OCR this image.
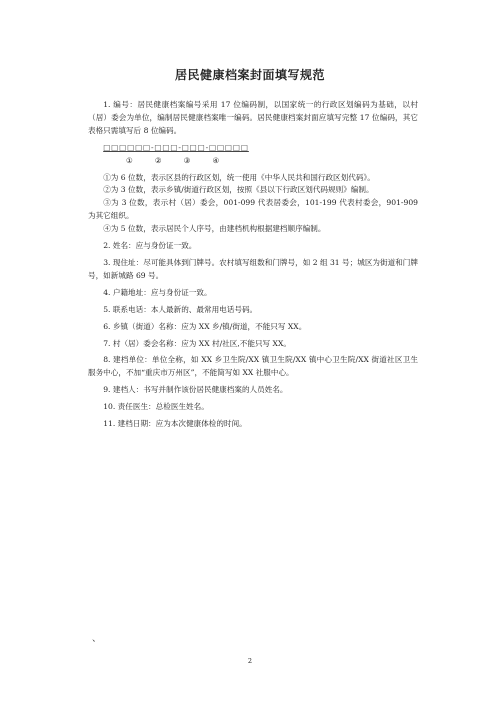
居民健康档案封面填写规范

1. 编号：居民健康档案编号采用 17 位编码制，以国家统一的行政区划编码为基础，以村（居）委会为单位，编制居民健康档案唯一编码。居民健康档案封面应填写完整 17 位编码，其它表格只需填写后 8 位编码。

□□□□□□-□□□-□□□-□□□□□

①	②	③	④

①为 6 位数，表示区县的行政区划，统一使用《中华人民共和国行政区划代码》。

②为 3 位数，表示乡镇/街道行政区划，按照《县以下行政区划代码规则》编制。

③为 3 位数，表示村（居）委会，001-099 代表居委会，101-199 代表村委会，901-909 为其它组织。

④为 5 位数，表示居民个人序号，由建档机构根据建档顺序编制。

2. 姓名：应与身份证一致。

3. 现住址：尽可能具体到门牌号。农村填写组数和门牌号，如 2 组 31 号；城区为街道和门牌号，如新城路 69 号。

4. 户籍地址：应与身份证一致。

5. 联系电话：本人最新的、最常用电话号码。

6. 乡镇（街道）名称：应为 XX 乡/镇/街道，不能只写 XX。

7. 村（居）委会名称：应为 XX 村/社区,不能只写 XX。

8. 建档单位：单位全称，如 XX 乡卫生院/XX 镇卫生院/XX 镇中心卫生院/XX 街道社区卫生服务中心，不加“重庆市万州区”，不能简写如 XX 社服中心。

9. 建档人：书写并制作该份居民健康档案的人员姓名。

10. 责任医生：总检医生姓名。

11. 建档日期：应为本次健康体检的时间。

、
2
